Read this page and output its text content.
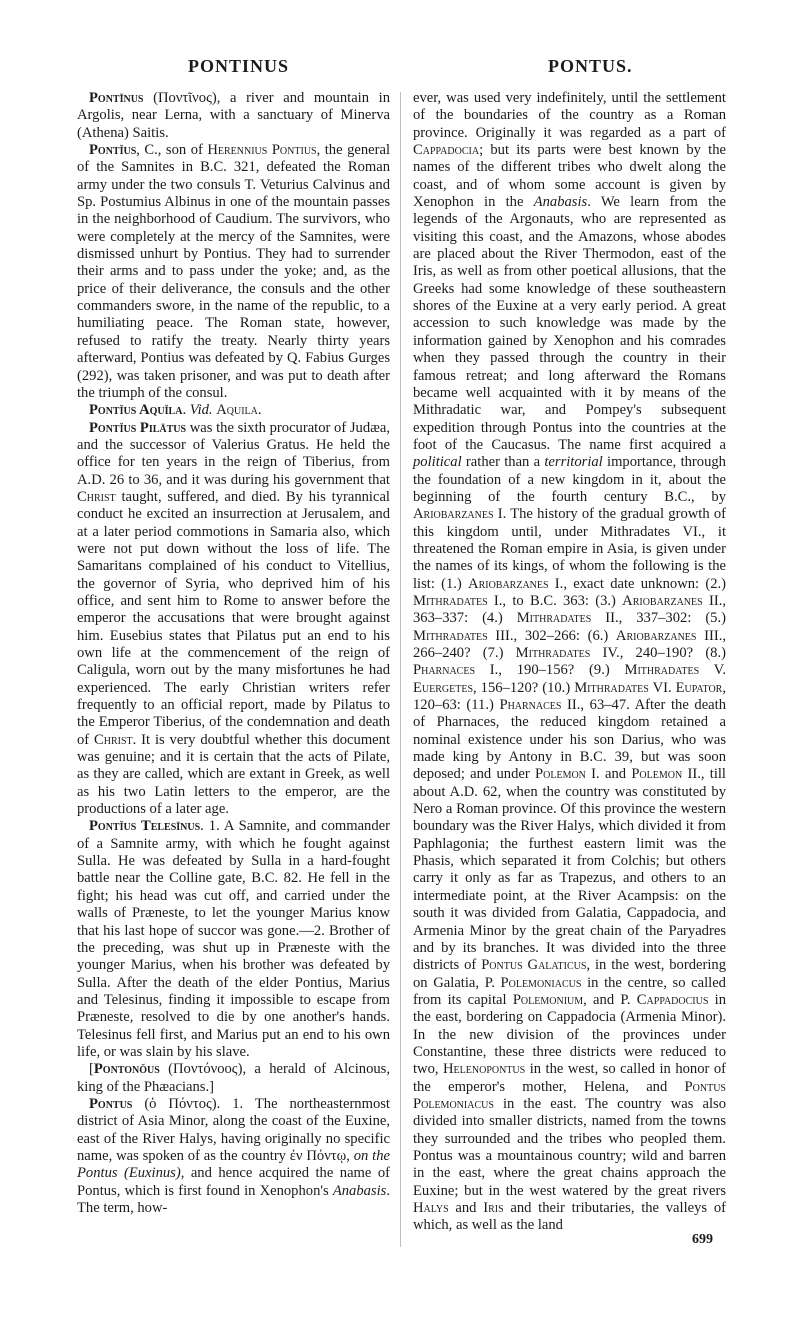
PONTINUS	PONTUS.

Pontīnus (Ποντῖνος), a river and mountain in Argolis, near Lerna, with a sanctuary of Minerva (Athena) Saitis.

Pontĭus, C., son of Herennius Pontius, the general of the Samnites in B.C. 321, defeated the Roman army under the two consuls T. Veturius Calvinus and Sp. Postumius Albinus in one of the mountain passes in the neighborhood of Caudium. The survivors, who were completely at the mercy of the Samnites, were dismissed unhurt by Pontius. They had to surrender their arms and to pass under the yoke; and, as the price of their deliverance, the consuls and the other commanders swore, in the name of the republic, to a humiliating peace. The Roman state, however, refused to ratify the treaty. Nearly thirty years afterward, Pontius was defeated by Q. Fabius Gurges (292), was taken prisoner, and was put to death after the triumph of the consul.

Pontĭus Aquĭla. Vid. Aquila.

Pontĭus Pilātus was the sixth procurator of Judæa, and the successor of Valerius Gratus. He held the office for ten years in the reign of Tiberius, from A.D. 26 to 36, and it was during his government that Christ taught, suffered, and died. By his tyrannical conduct he excited an insurrection at Jerusalem, and at a later period commotions in Samaria also, which were not put down without the loss of life. The Samaritans complained of his conduct to Vitellius, the governor of Syria, who deprived him of his office, and sent him to Rome to answer before the emperor the accusations that were brought against him. Eusebius states that Pilatus put an end to his own life at the commencement of the reign of Caligula, worn out by the many misfortunes he had experienced. The early Christian writers refer frequently to an official report, made by Pilatus to the Emperor Tiberius, of the condemnation and death of Christ. It is very doubtful whether this document was genuine; and it is certain that the acts of Pilate, as they are called, which are extant in Greek, as well as his two Latin letters to the emperor, are the productions of a later age.

Pontĭus Telesīnus. 1. A Samnite, and commander of a Samnite army, with which he fought against Sulla. He was defeated by Sulla in a hard-fought battle near the Colline gate, B.C. 82. He fell in the fight; his head was cut off, and carried under the walls of Præneste, to let the younger Marius know that his last hope of succor was gone.—2. Brother of the preceding, was shut up in Præneste with the younger Marius, when his brother was defeated by Sulla. After the death of the elder Pontius, Marius and Telesinus, finding it impossible to escape from Præneste, resolved to die by one another's hands. Telesinus fell first, and Marius put an end to his own life, or was slain by his slave.

[Pontonŏus (Ποντόνοος), a herald of Alcinous, king of the Phæacians.]

Pontus (ὁ Πόντος). 1. The northeasternmost district of Asia Minor, along the coast of the Euxine, east of the River Halys, having originally no specific name, was spoken of as the country ἐν Πόντῳ, on the Pontus (Euxinus), and hence acquired the name of Pontus, which is first found in Xenophon's Anabasis. The term, how-

ever, was used very indefinitely, until the settlement of the boundaries of the country as a Roman province. Originally it was regarded as a part of Cappadocia; but its parts were best known by the names of the different tribes who dwelt along the coast, and of whom some account is given by Xenophon in the Anabasis. We learn from the legends of the Argonauts, who are represented as visiting this coast, and the Amazons, whose abodes are placed about the River Thermodon, east of the Iris, as well as from other poetical allusions, that the Greeks had some knowledge of these southeastern shores of the Euxine at a very early period. A great accession to such knowledge was made by the information gained by Xenophon and his comrades when they passed through the country in their famous retreat; and long afterward the Romans became well acquainted with it by means of the Mithradatic war, and Pompey's subsequent expedition through Pontus into the countries at the foot of the Caucasus. The name first acquired a political rather than a territorial importance, through the foundation of a new kingdom in it, about the beginning of the fourth century B.C., by Ariobarzanes I. The history of the gradual growth of this kingdom until, under Mithradates VI., it threatened the Roman empire in Asia, is given under the names of its kings, of whom the following is the list: (1.) Ariobarzanes I., exact date unknown: (2.) Mithradates I., to B.C. 363: (3.) Ariobarzanes II., 363–337: (4.) Mithradates II., 337–302: (5.) Mithradates III., 302–266: (6.) Ariobarzanes III., 266–240? (7.) Mithradates IV., 240–190? (8.) Pharnaces I., 190–156? (9.) Mithradates V. Euergetes, 156–120? (10.) Mithradates VI. Eupator, 120–63: (11.) Pharnaces II., 63–47. After the death of Pharnaces, the reduced kingdom retained a nominal existence under his son Darius, who was made king by Antony in B.C. 39, but was soon deposed; and under Polemon I. and Polemon II., till about A.D. 62, when the country was constituted by Nero a Roman province. Of this province the western boundary was the River Halys, which divided it from Paphlagonia; the furthest eastern limit was the Phasis, which separated it from Colchis; but others carry it only as far as Trapezus, and others to an intermediate point, at the River Acampsis: on the south it was divided from Galatia, Cappadocia, and Armenia Minor by the great chain of the Paryadres and by its branches. It was divided into the three districts of Pontus Galaticus, in the west, bordering on Galatia, P. Polemoniacus in the centre, so called from its capital Polemonium, and P. Cappadocius in the east, bordering on Cappadocia (Armenia Minor). In the new division of the provinces under Constantine, these three districts were reduced to two, Helenopontus in the west, so called in honor of the emperor's mother, Helena, and Pontus Polemoniacus in the east. The country was also divided into smaller districts, named from the towns they surrounded and the tribes who peopled them. Pontus was a mountainous country; wild and barren in the east, where the great chains approach the Euxine; but in the west watered by the great rivers Halys and Iris and their tributaries, the valleys of which, as well as the land

699
